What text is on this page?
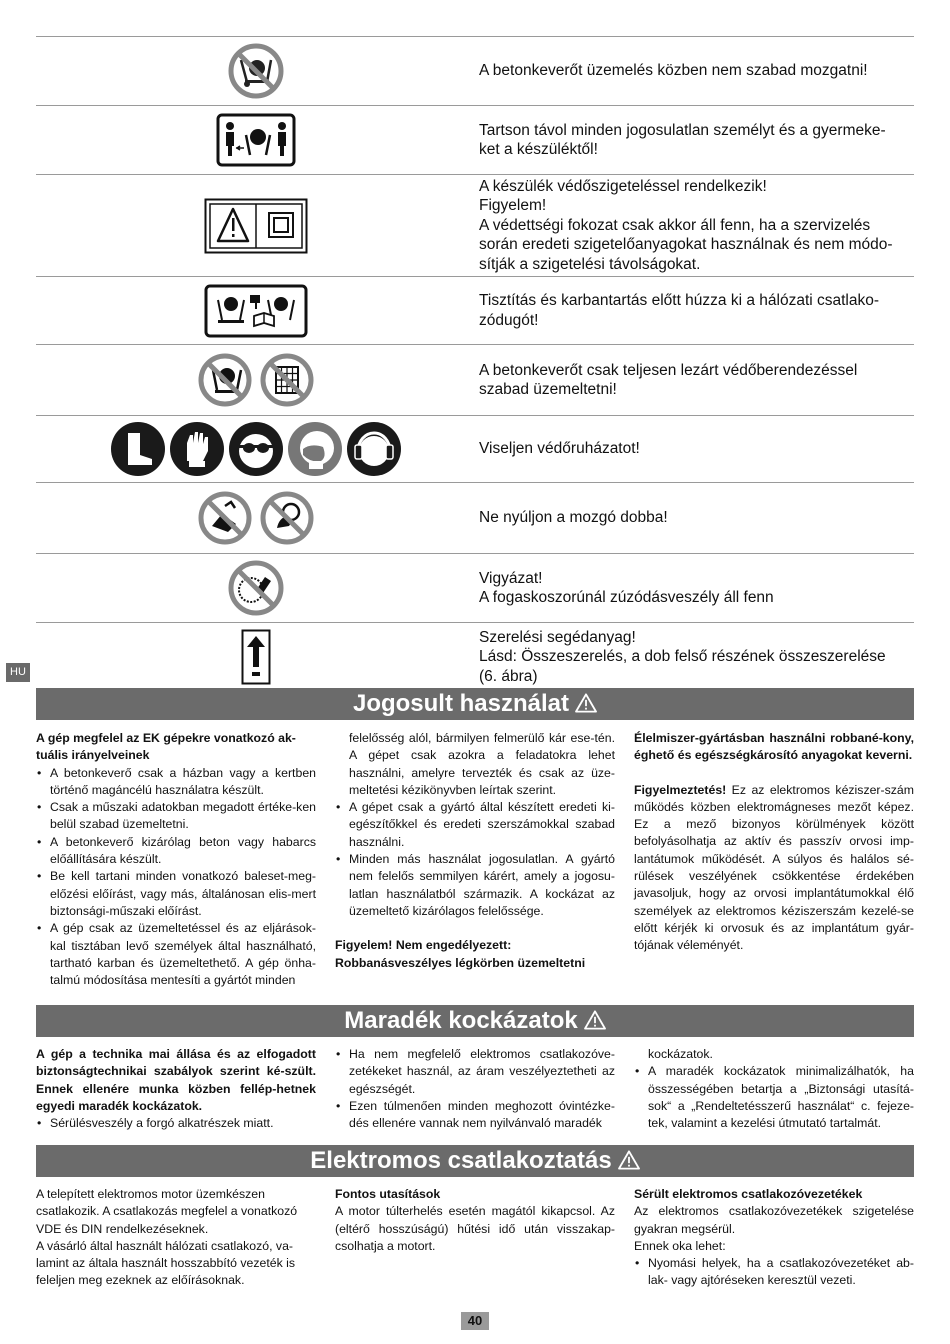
HU
A betonkeverőt üzemelés közben nem szabad mozgatni!
Tartson távol minden jogosulatlan személyt és a gyermeke-
ket a készüléktől!
A készülék védőszigeteléssel rendelkezik!
Figyelem!
A védettségi fokozat csak akkor áll fenn, ha a szervizelés
során eredeti szigetelőanyagokat használnak és nem módo-
sítják a szigetelési távolságokat.
Tisztítás és karbantartás előtt húzza ki a hálózati csatlako-
zódugót!
A betonkeverőt csak teljesen lezárt védőberendezéssel
szabad üzemeltetni!
Viseljen védőruházatot!
Ne nyúljon a mozgó dobba!
Vigyázat!
A fogaskoszorúnál zúzódásveszély áll fenn
Szerelési segédanyag!
Lásd: Összeszerelés, a dob felső részének összeszerelése
(6. ábra)
Jogosult használat

A gép megfelel az EK gépekre vonatkozó ak-
tuális irányelveinek

• A betonkeverő csak a házban vagy a kertben történő magáncélú használatra készült.
• Csak a műszaki adatokban megadott értéke-ken belül szabad üzemeltetni.
• A betonkeverő kizárólag beton vagy habarcs előállítására készült.
• Be kell tartani minden vonatkozó baleset-meg-előzési előírást, vagy más, általánosan elis-mert biztonsági-műszaki előírást.
• A gép csak az üzemeltetéssel és az eljárások-kal tisztában levő személyek által használható, tartható karban és üzemeltethető. A gép önha-talmú módosítása mentesíti a gyártót minden

felelősség alól, bármilyen felmerülő kár ese-tén. A gépet csak azokra a feladatokra lehet használni, amelyre tervezték és csak az üze-meltetési kézikönyvben leírtak szerint.

• A gépet csak a gyártó által készített eredeti ki-egészítőkkel és eredeti szerszámokkal szabad használni.
• Minden más használat jogosulatlan. A gyártó nem felelős semmilyen kárért, amely a jogosu-latlan használatból származik. A kockázat az üzemeltető kizárólagos felelőssége.

Figyelem! Nem engedélyezett:
Robbanásveszélyes légkörben üzemeltetni

Élelmiszer-gyártásban használni robbané-kony, éghető és egészségkárosító anyagokat keverni.

Figyelmeztetés! Ez az elektromos kéziszer-szám működés közben elektromágneses mezőt képez. Ez a mező bizonyos körülmények között befolyásolhatja az aktív és passzív orvosi imp-lantátumok működését. A súlyos és halálos sé-rülések veszélyének csökkentése érdekében javasoljuk, hogy az orvosi implantátumokkal élő személyek az elektromos kéziszerszám kezelé-se előtt kérjék ki orvosuk és az implantátum gyár-tójának véleményét.

Maradék kockázatok

A gép a technika mai állása és az elfogadott biztonságtechnikai szabályok szerint ké-szült. Ennek ellenére munka közben fellép-hetnek egyedi maradék kockázatok.

• Sérülésveszély a forgó alkatrészek miatt.
• Ha nem megfelelő elektromos csatlakozóve-zetékeket használ, az áram veszélyeztetheti az egészségét.
• Ezen túlmenően minden meghozott óvintézke-dés ellenére vannak nem nyilvánvaló maradék

kockázatok.

• A maradék kockázatok minimalizálhatók, ha összességében betartja a „Biztonsági utasítá-sok“ a „Rendeltetésszerű használat“ c. fejeze-tek, valamint a kezelési útmutató tartalmát.
Elektromos csatlakoztatás

A telepített elektromos motor üzemkészen csatlakozik. A csatlakozás megfelel a vonatkozó VDE és DIN rendelkezéseknek.

A vásárló által használt hálózati csatlakozó, va-lamint az általa használt hosszabbító vezeték is feleljen meg ezeknek az előírásoknak.

Fontos utasítások

A motor túlterhelés esetén magától kikapcsol. Az (eltérő hosszúságú) hűtési idő után visszakap-csolhatja a motort.

Sérült elektromos csatlakozóvezetékek

Az elektromos csatlakozóvezetékek szigetelése gyakran megsérül.

Ennek oka lehet:

• Nyomási helyek, ha a csatlakozóvezetéket ab-lak- vagy ajtóréseken keresztül vezeti.
40
